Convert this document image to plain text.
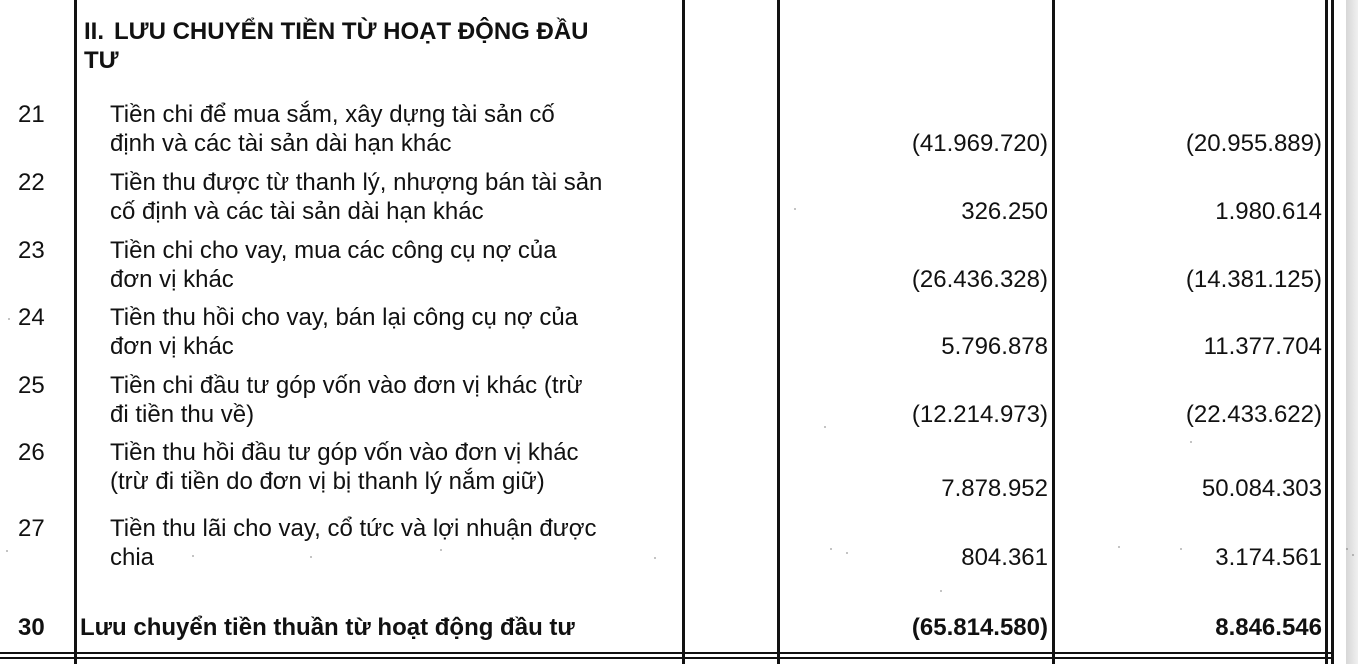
II. LƯU CHUYỂN TIỀN TỪ HOẠT ĐỘNG ĐẦU
TƯ
21	Tiền chi để mua sắm, xây dựng tài sản cố
định và các tài sản dài hạn khác	(41.969.720)	(20.955.889)
22	Tiền thu được từ thanh lý, nhượng bán tài sản
cố định và các tài sản dài hạn khác	326.250	1.980.614
23	Tiền chi cho vay, mua các công cụ nợ của
đơn vị khác	(26.436.328)	(14.381.125)
24	Tiền thu hồi cho vay, bán lại công cụ nợ của
đơn vị khác	5.796.878	11.377.704
25	Tiền chi đầu tư góp vốn vào đơn vị khác (trừ
đi tiền thu về)	(12.214.973)	(22.433.622)
26	Tiền thu hồi đầu tư góp vốn vào đơn vị khác
(trừ đi tiền do đơn vị bị thanh lý nắm giữ)	7.878.952	50.084.303
27	Tiền thu lãi cho vay, cổ tức và lợi nhuận được
chia	804.361	3.174.561
30	Lưu chuyển tiền thuần từ hoạt động đầu tư	(65.814.580)	8.846.546
